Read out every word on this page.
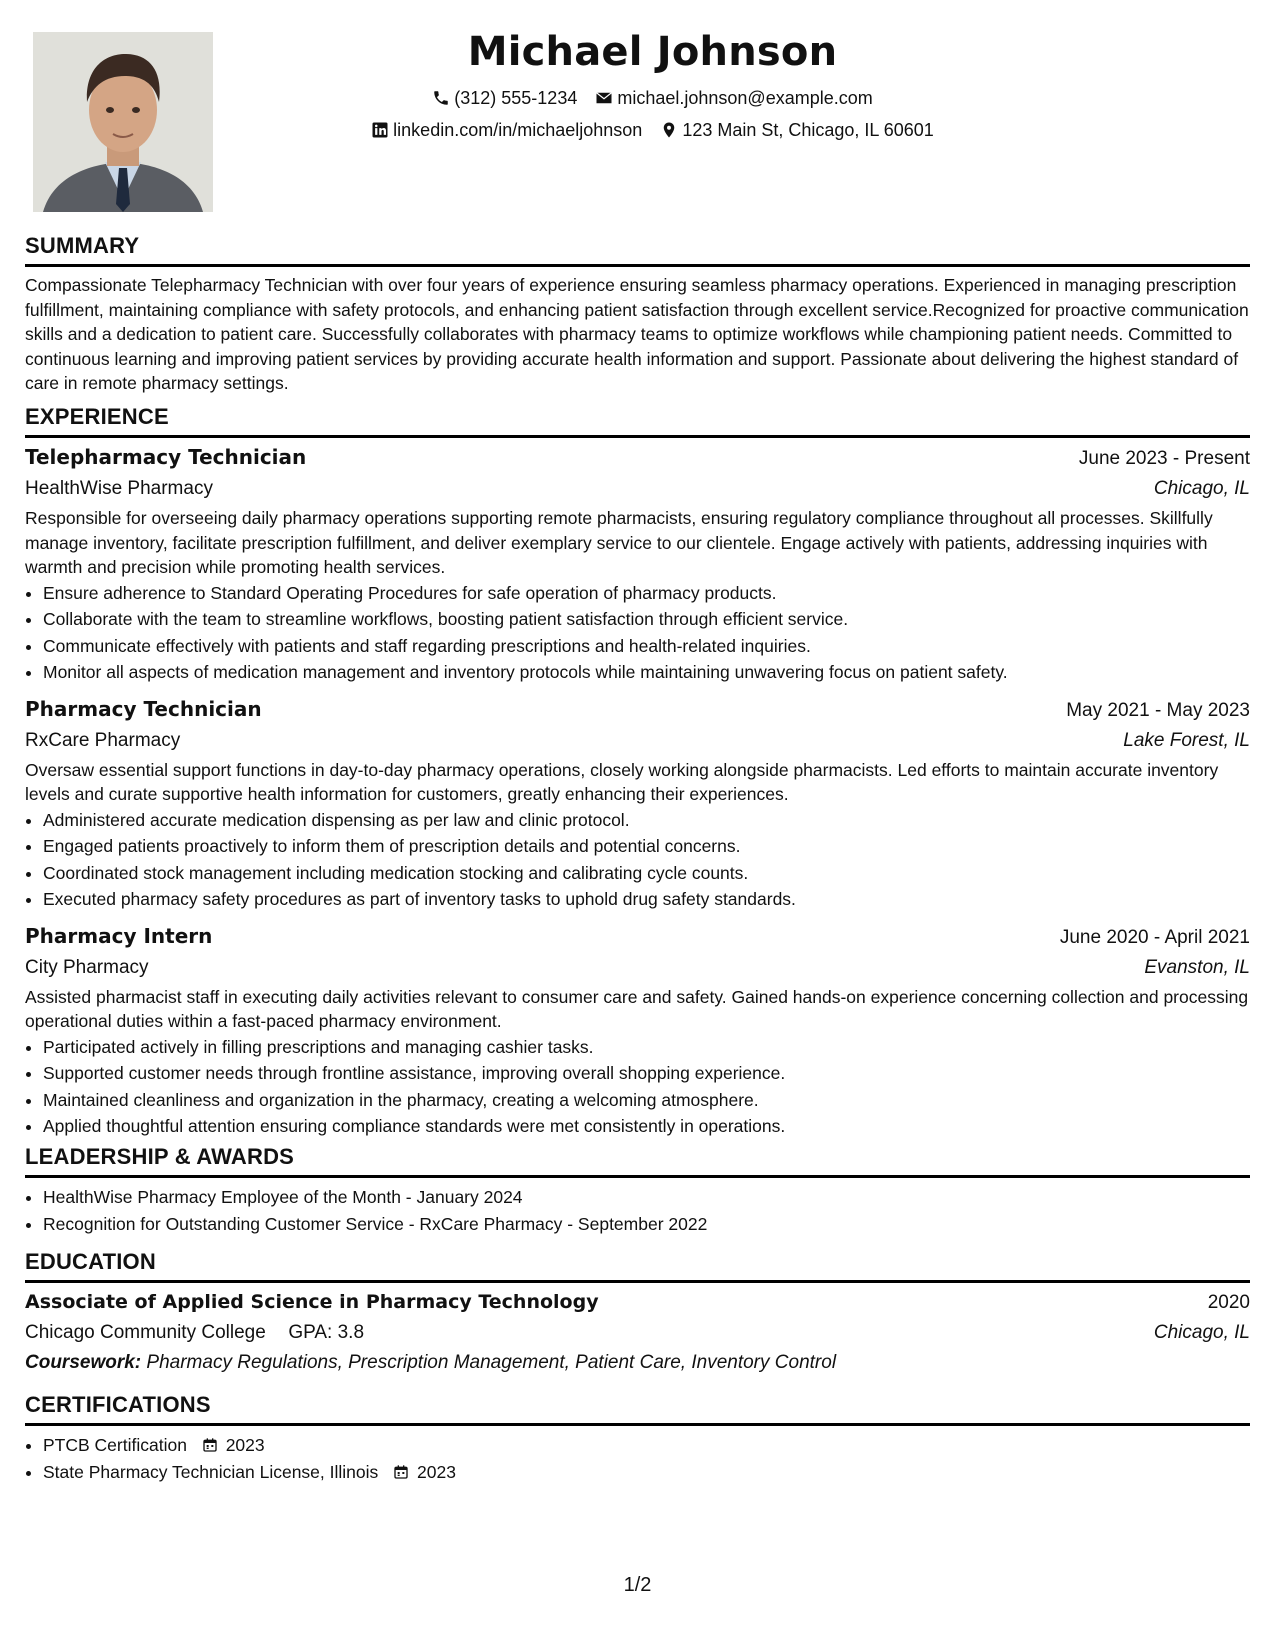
Michael Johnson
(312) 555-1234 michael.johnson@example.com
linkedin.com/in/michaeljohnson 123 Main St, Chicago, IL 60601
SUMMARY

Compassionate Telepharmacy Technician with over four years of experience ensuring seamless pharmacy operations. Experienced in managing prescription fulfillment, maintaining compliance with safety protocols, and enhancing patient satisfaction through excellent service.Recognized for proactive communication skills and a dedication to patient care. Successfully collaborates with pharmacy teams to optimize workflows while championing patient needs. Committed to continuous learning and improving patient services by providing accurate health information and support. Passionate about delivering the highest standard of care in remote pharmacy settings.

EXPERIENCE
Telepharmacy Technician	June 2023 - Present
HealthWise Pharmacy	Chicago, IL

Responsible for overseeing daily pharmacy operations supporting remote pharmacists, ensuring regulatory compliance throughout all processes. Skillfully manage inventory, facilitate prescription fulfillment, and deliver exemplary service to our clientele. Engage actively with patients, addressing inquiries with warmth and precision while promoting health services.

• Ensure adherence to Standard Operating Procedures for safe operation of pharmacy products.
• Collaborate with the team to streamline workflows, boosting patient satisfaction through efficient service.
• Communicate effectively with patients and staff regarding prescriptions and health-related inquiries.
• Monitor all aspects of medication management and inventory protocols while maintaining unwavering focus on patient safety.
Pharmacy Technician	May 2021 - May 2023
RxCare Pharmacy	Lake Forest, IL

Oversaw essential support functions in day-to-day pharmacy operations, closely working alongside pharmacists. Led efforts to maintain accurate inventory levels and curate supportive health information for customers, greatly enhancing their experiences.

• Administered accurate medication dispensing as per law and clinic protocol.
• Engaged patients proactively to inform them of prescription details and potential concerns.
• Coordinated stock management including medication stocking and calibrating cycle counts.
• Executed pharmacy safety procedures as part of inventory tasks to uphold drug safety standards.
Pharmacy Intern	June 2020 - April 2021
City Pharmacy	Evanston, IL

Assisted pharmacist staff in executing daily activities relevant to consumer care and safety. Gained hands-on experience concerning collection and processing operational duties within a fast-paced pharmacy environment.

• Participated actively in filling prescriptions and managing cashier tasks.
• Supported customer needs through frontline assistance, improving overall shopping experience.
• Maintained cleanliness and organization in the pharmacy, creating a welcoming atmosphere.
• Applied thoughtful attention ensuring compliance standards were met consistently in operations.
LEADERSHIP & AWARDS
• HealthWise Pharmacy Employee of the Month - January 2024
• Recognition for Outstanding Customer Service - RxCare Pharmacy - September 2022
EDUCATION
Associate of Applied Science in Pharmacy Technology	2020
Chicago Community College GPA: 3.8	Chicago, IL
Coursework: Pharmacy Regulations, Prescription Management, Patient Care, Inventory Control
CERTIFICATIONS
• PTCB Certification 2023
• State Pharmacy Technician License, Illinois 2023
1/2
